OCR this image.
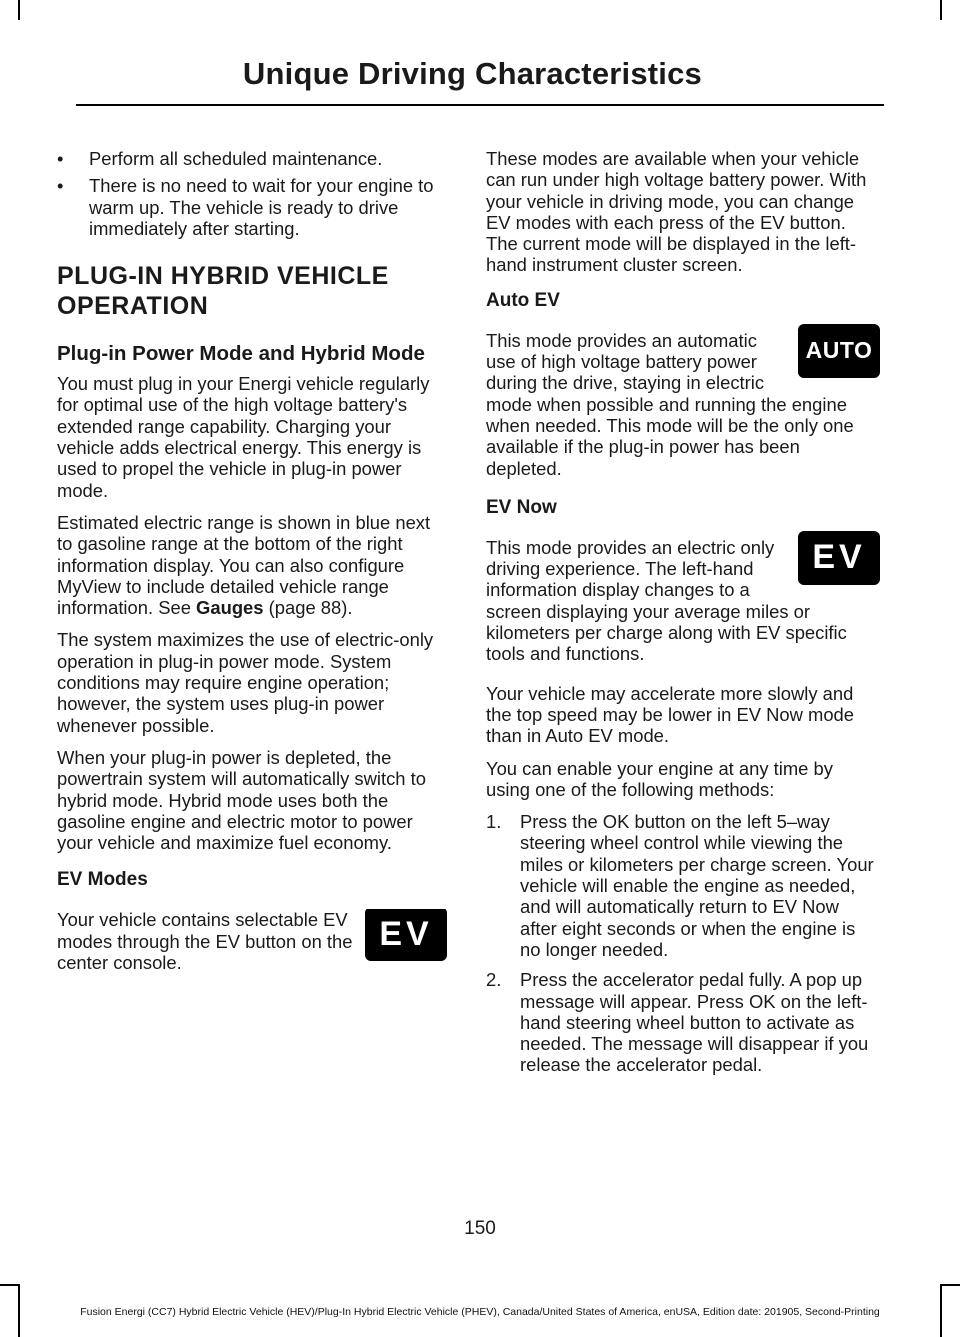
Unique Driving Characteristics
• Perform all scheduled maintenance.
• There is no need to wait for your engine to warm up. The vehicle is ready to drive immediately after starting.
PLUG-IN HYBRID VEHICLE
OPERATION
Plug-in Power Mode and Hybrid Mode

You must plug in your Energi vehicle regularly for optimal use of the high voltage battery's extended range capability. Charging your vehicle adds electrical energy. This energy is used to propel the vehicle in plug-in power mode.

Estimated electric range is shown in blue next to gasoline range at the bottom of the right information display. You can also configure MyView to include detailed vehicle range information. See Gauges (page 88).

The system maximizes the use of electric-only operation in plug-in power mode. System conditions may require engine operation; however, the system uses plug-in power whenever possible.

When your plug-in power is depleted, the powertrain system will automatically switch to hybrid mode. Hybrid mode uses both the gasoline engine and electric motor to power your vehicle and maximize fuel economy.

EV Modes
EV

Your vehicle contains selectable EV modes through the EV button on the center console.

These modes are available when your vehicle can run under high voltage battery power. With your vehicle in driving mode, you can change EV modes with each press of the EV button. The current mode will be displayed in the left-hand instrument cluster screen.

Auto EV
AUTO

This mode provides an automatic use of high voltage battery power during the drive, staying in electric mode when possible and running the engine when needed. This mode will be the only one available if the plug-in power has been depleted.

EV Now
EV

This mode provides an electric only driving experience. The left-hand information display changes to a screen displaying your average miles or kilometers per charge along with EV specific tools and functions.

Your vehicle may accelerate more slowly and the top speed may be lower in EV Now mode than in Auto EV mode.

You can enable your engine at any time by using one of the following methods:

1. Press the OK button on the left 5–way steering wheel control while viewing the miles or kilometers per charge screen. Your vehicle will enable the engine as needed, and will automatically return to EV Now after eight seconds or when the engine is no longer needed.
2. Press the accelerator pedal fully. A pop up message will appear. Press OK on the left-hand steering wheel button to activate as needed. The message will disappear if you release the accelerator pedal.
150
Fusion Energi (CC7) Hybrid Electric Vehicle (HEV)/Plug-In Hybrid Electric Vehicle (PHEV), Canada/United States of America, enUSA, Edition date: 201905, Second-Printing
